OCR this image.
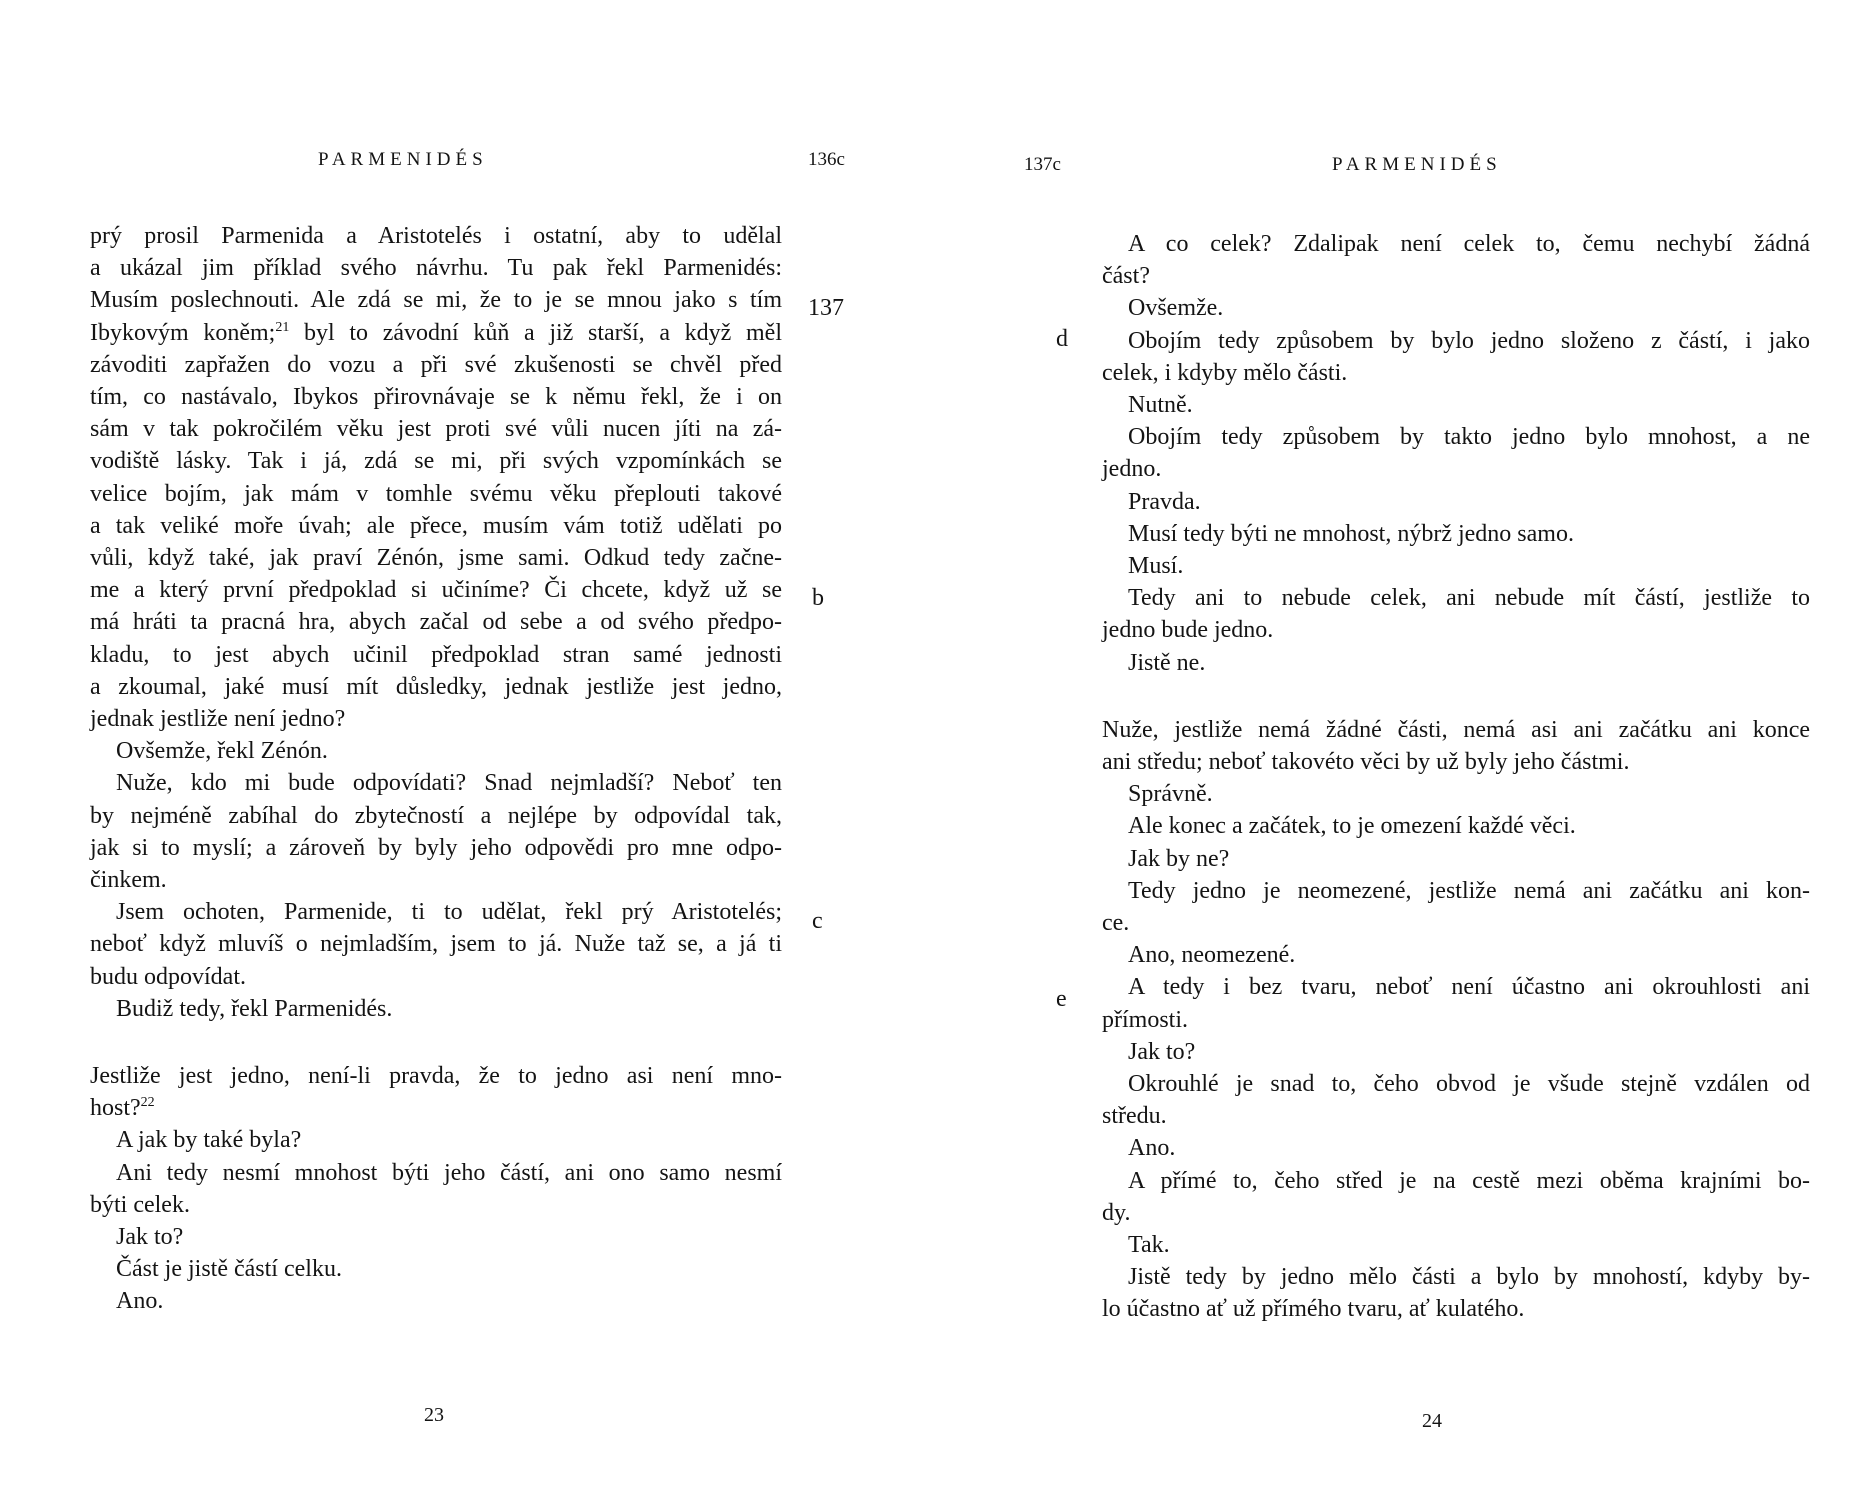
PARMENIDÉS	136c
prý prosil Parmenida a Aristotelés i ostatní, aby to udělal
a ukázal jim příklad svého návrhu. Tu pak řekl Parmenidés:
Musím poslechnouti. Ale zdá se mi, že to je se mnou jako s tím
Ibykovým koněm;$^{21}$ byl to závodní kůň a již starší, a když měl
závoditi zapřažen do vozu a při své zkušenosti se chvěl před
tím, co nastávalo, Ibykos přirovnávaje se k němu řekl, že i on
sám v tak pokročilém věku jest proti své vůli nucen jíti na zá-
vodiště lásky. Tak i já, zdá se mi, při svých vzpomínkách se
velice bojím, jak mám v tomhle svému věku přeplouti takové
a tak veliké moře úvah; ale přece, musím vám totiž udělati po
vůli, když také, jak praví Zénón, jsme sami. Odkud tedy začne-
me a který první předpoklad si učiníme? Či chcete, když už se
má hráti ta pracná hra, abych začal od sebe a od svého předpo-
kladu, to jest abych učinil předpoklad stran samé jednosti
a zkoumal, jaké musí mít důsledky, jednak jestliže jest jedno,
jednak jestliže není jedno?
Ovšemže, řekl Zénón.
Nuže, kdo mi bude odpovídati? Snad nejmladší? Neboť ten
by nejméně zabíhal do zbytečností a nejlépe by odpovídal tak,
jak si to myslí; a zároveň by byly jeho odpovědi pro mne odpo-
činkem.
Jsem ochoten, Parmenide, ti to udělat, řekl prý Aristotelés;
neboť když mluvíš o nejmladším, jsem to já. Nuže taž se, a já ti
budu odpovídat.
Budiž tedy, řekl Parmenidés.
Jestliže jest jedno, není-li pravda, že to jedno asi není mno-
host?$^{22}$
A jak by také byla?
Ani tedy nesmí mnohost býti jeho částí, ani ono samo nesmí
býti celek.
Jak to?
Část je jistě částí celku.
Ano.
137
b
c
23
PARMENIDÉS
137c
A co celek? Zdalipak není celek to, čemu nechybí žádná
část?
Ovšemže.
Obojím tedy způsobem by bylo jedno složeno z částí, i jako
celek, i kdyby mělo části.
Nutně.
Obojím tedy způsobem by takto jedno bylo mnohost, a ne
jedno.
Pravda.
Musí tedy býti ne mnohost, nýbrž jedno samo.
Musí.
Tedy ani to nebude celek, ani nebude mít částí, jestliže to
jedno bude jedno.
Jistě ne.
Nuže, jestliže nemá žádné části, nemá asi ani začátku ani konce
ani středu; neboť takovéto věci by už byly jeho částmi.
Správně.
Ale konec a začátek, to je omezení každé věci.
Jak by ne?
Tedy jedno je neomezené, jestliže nemá ani začátku ani kon-
ce.
Ano, neomezené.
A tedy i bez tvaru, neboť není účastno ani okrouhlosti ani
přímosti.
Jak to?
Okrouhlé je snad to, čeho obvod je všude stejně vzdálen od
středu.
Ano.
A přímé to, čeho střed je na cestě mezi oběma krajními bo-
dy.
Tak.
Jistě tedy by jedno mělo části a bylo by mnohostí, kdyby by-
lo účastno ať už přímého tvaru, ať kulatého.
d
e
24
